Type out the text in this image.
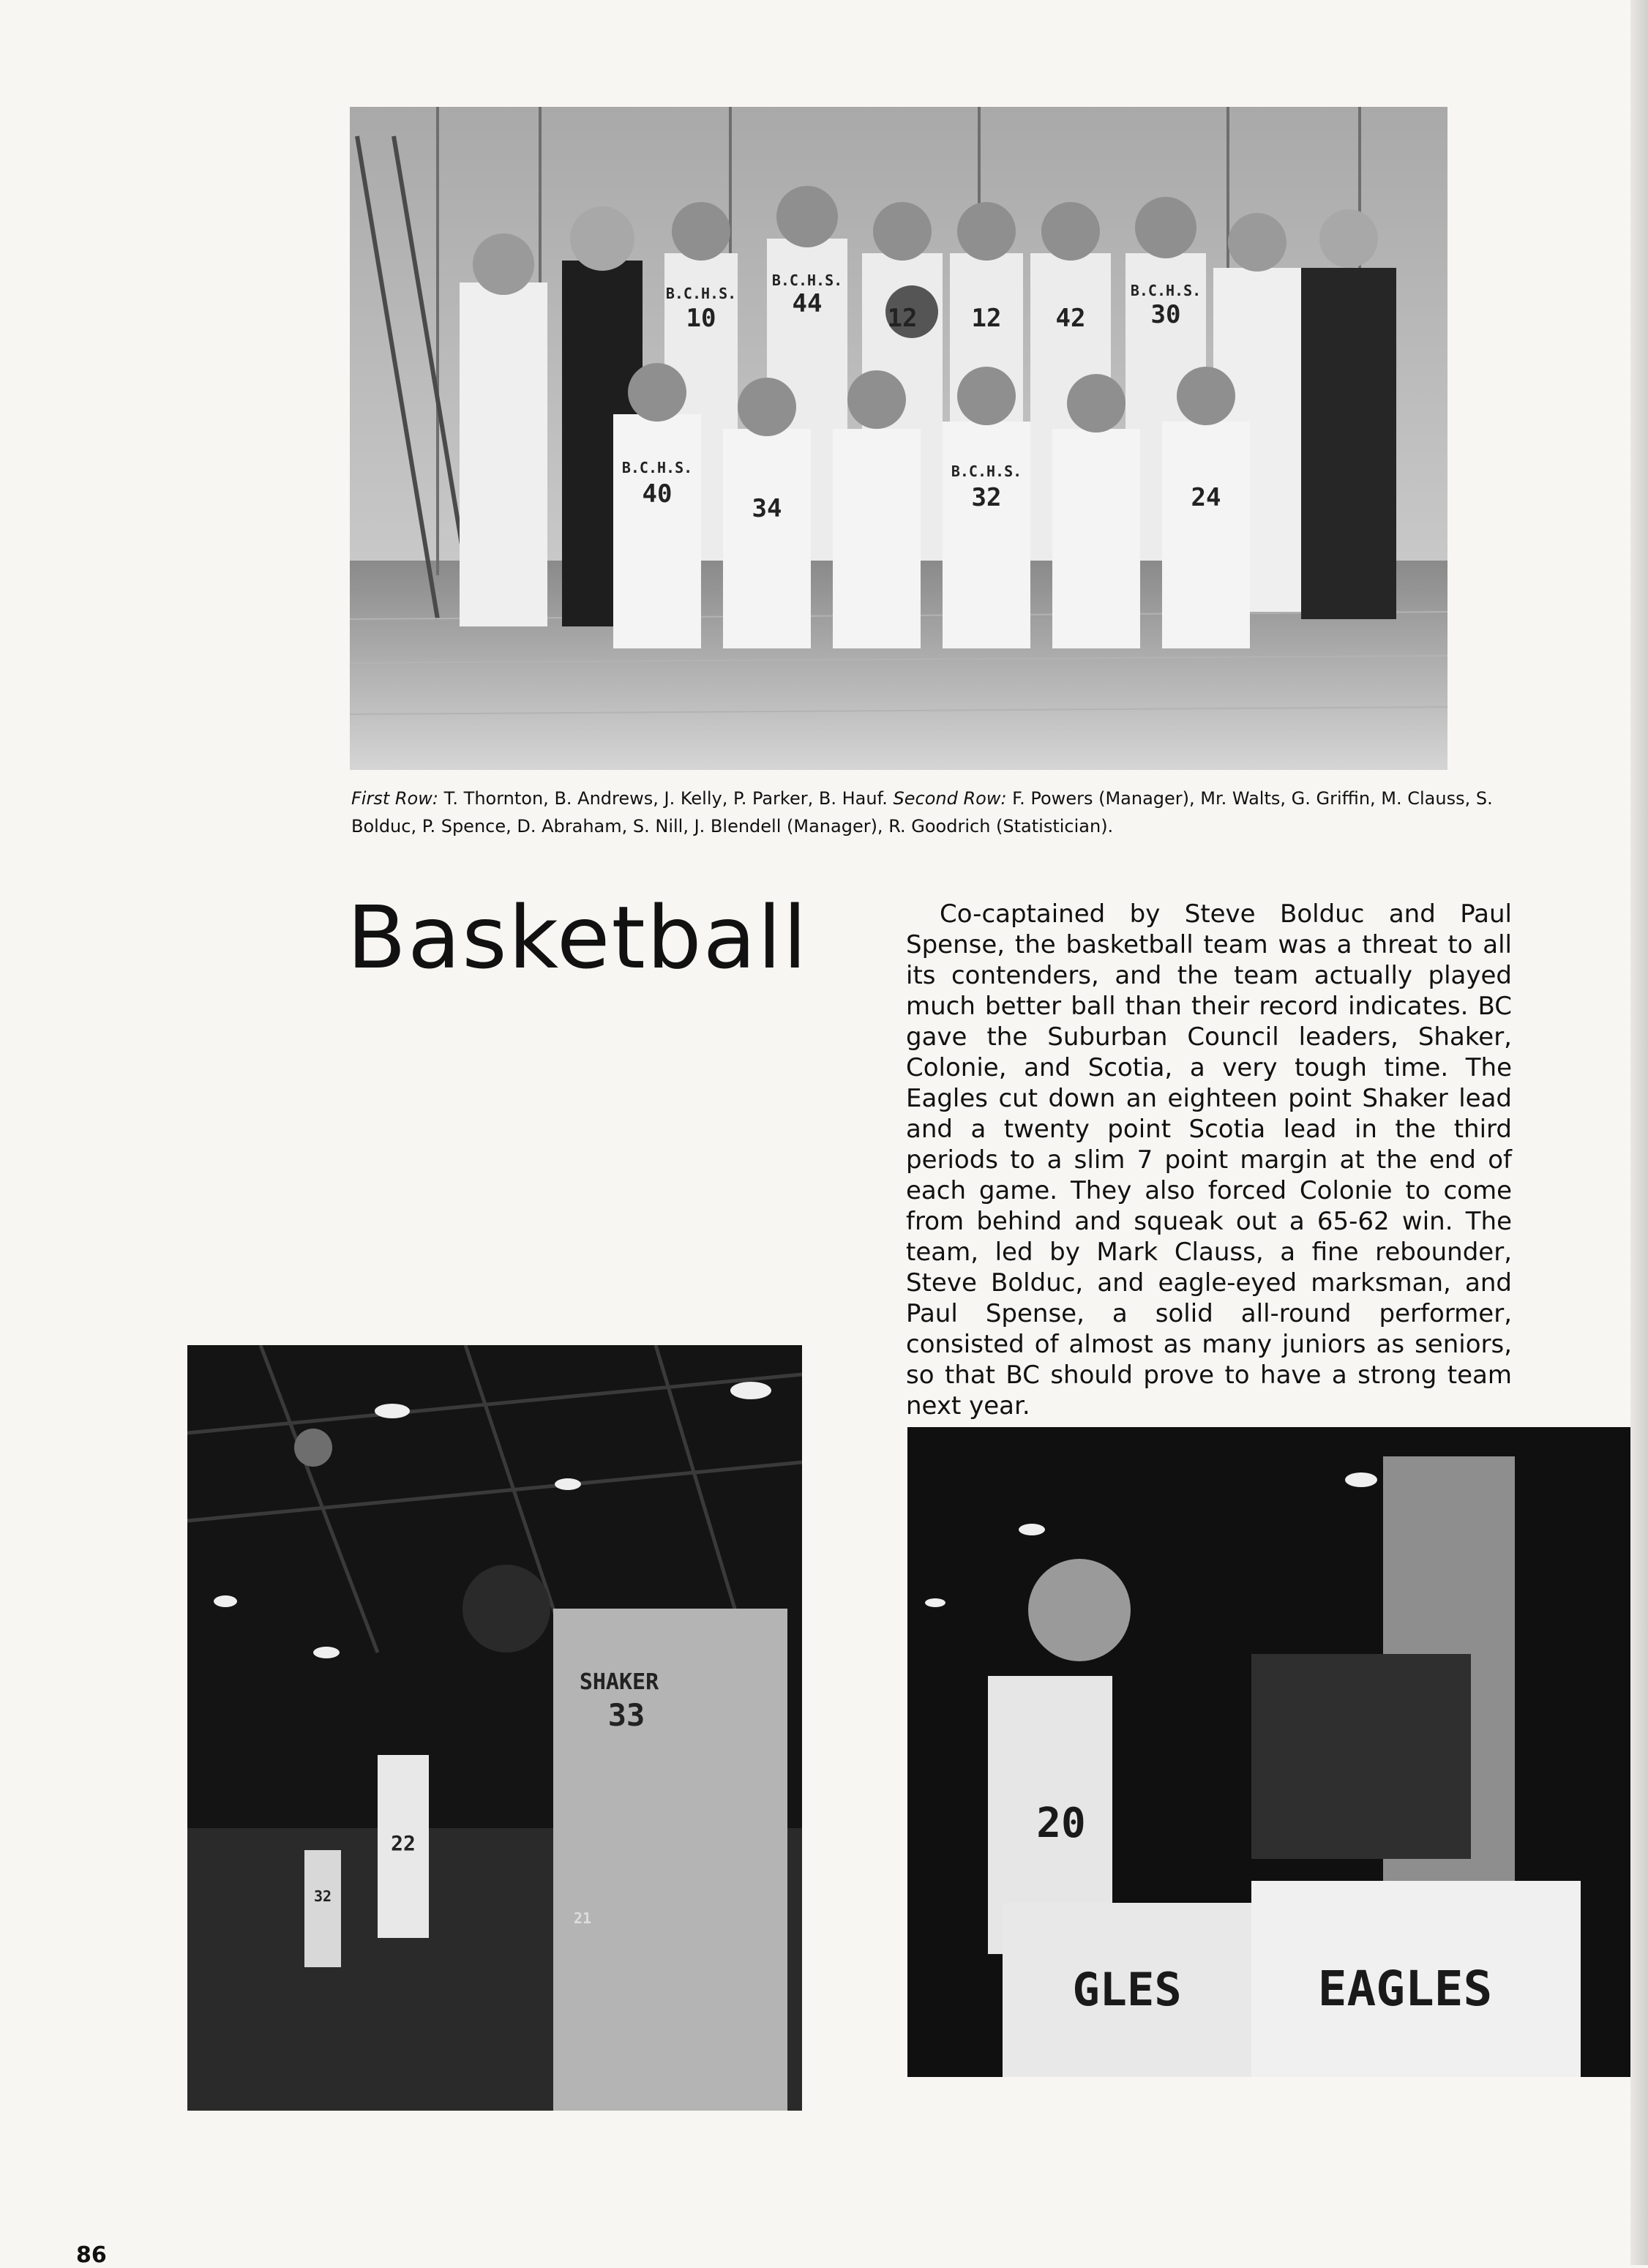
10	44	12 12 42	30
40	34	32	24
B.C.H.S.
B.C.H.S.
B.C.H.S.
B.C.H.S.	B.C.H.S.
First Row: T. Thornton, B. Andrews, J. Kelly, P. Parker, B. Hauf. Second Row: F. Powers (Manager), Mr. Walts, G. Griffin, M. Clauss, S. Bolduc, P. Spence, D. Abraham, S. Nill, J. Blendell (Manager), R. Goodrich (Statistician).
Basketball	Co-captained by Steve Bolduc and Paul Spense, the basketball team was a threat to all its contenders, and the team actually played much better ball than their record indicates. BC gave the Suburban Council leaders, Shaker, Colonie, and Scotia, a very tough time. The Eagles cut down an eighteen point Shaker lead and a twenty point Scotia lead in the third periods to a slim 7 point margin at the end of each game. They also forced Colonie to come from behind and squeak out a 65-62 win. The team, led by Mark Clauss, a fine rebounder, Steve Bolduc, and eagle-eyed marksman, and Paul Spense, a solid all-round performer, consisted of almost as many juniors as seniors, so that BC should prove to have a strong team next year.

22
32
21
33
SHAKER
20
EAGLES
GLES
86
